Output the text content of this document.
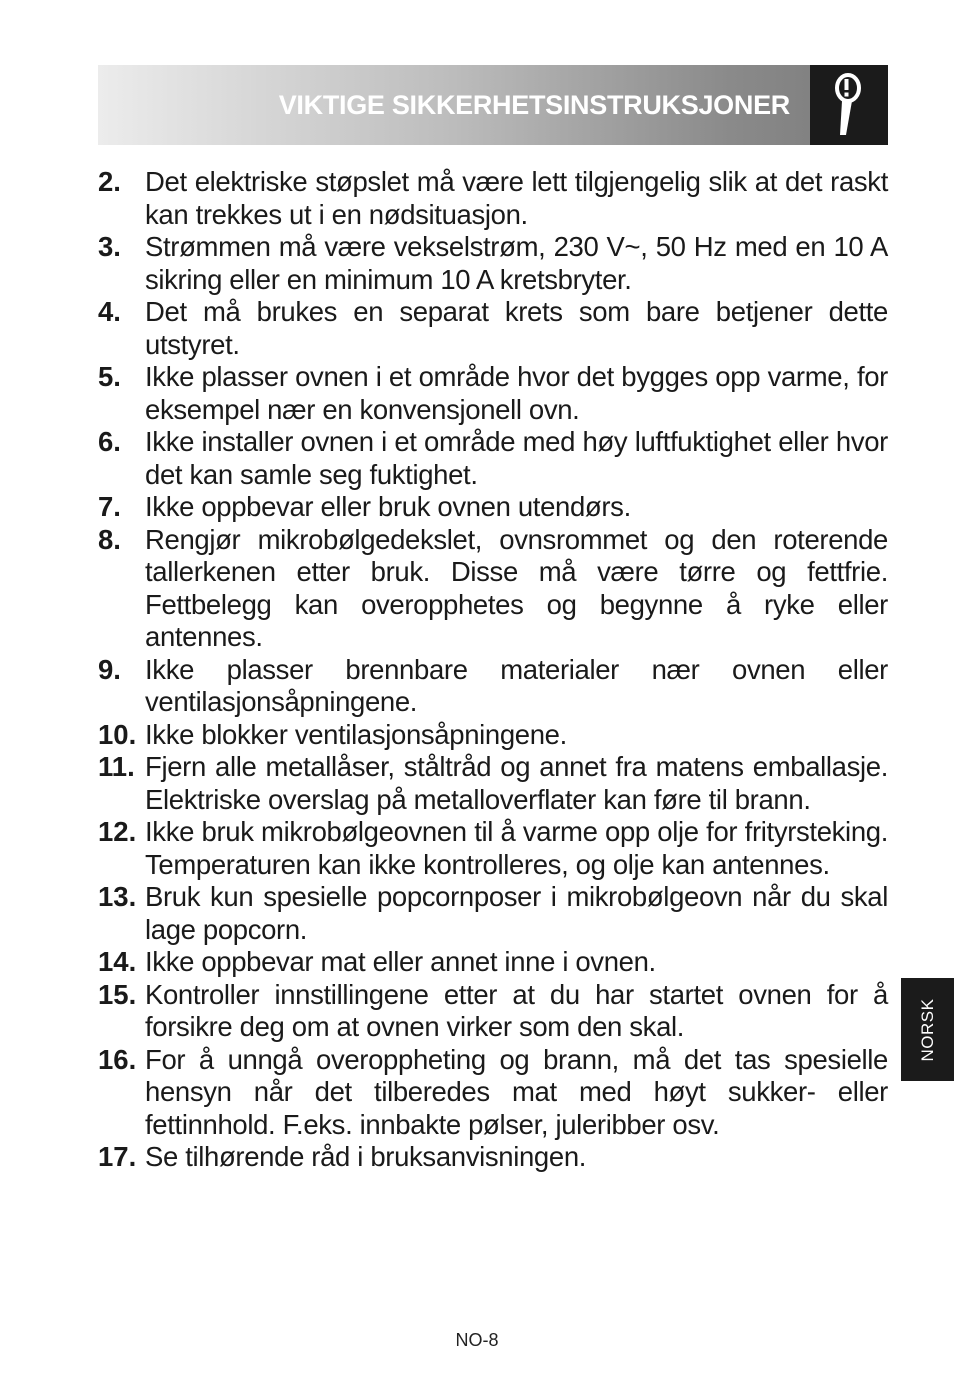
VIKTIGE SIKKERHETSINSTRUKSJONER
2. Det elektriske støpslet må være lett tilgjengelig slik at det raskt kan trekkes ut i en nødsituasjon.
3. Strømmen må være vekselstrøm, 230 V~, 50 Hz med en 10 A sikring eller en minimum 10 A kretsbryter.
4. Det må brukes en separat krets som bare betjener dette utstyret.
5. Ikke plasser ovnen i et område hvor det bygges opp varme, for eksempel nær en konvensjonell ovn.
6. Ikke installer ovnen i et område med høy luftfuktighet eller hvor det kan samle seg fuktighet.
7. Ikke oppbevar eller bruk ovnen utendørs.
8. Rengjør mikrobølgedekslet, ovnsrommet og den roterende tallerkenen etter bruk. Disse må være tørre og fettfrie. Fettbelegg kan overopphetes og begynne å ryke eller antennes.
9. Ikke plasser brennbare materialer nær ovnen eller ventilasjonsåpningene.
10. Ikke blokker ventilasjonsåpningene.
11. Fjern alle metallåser, ståltråd og annet fra matens emballasje. Elektriske overslag på metalloverflater kan føre til brann.
12. Ikke bruk mikrobølgeovnen til å varme opp olje for frityrsteking. Temperaturen kan ikke kontrolleres, og olje kan antennes.
13. Bruk kun spesielle popcornposer i mikrobølgeovn når du skal lage popcorn.
14. Ikke oppbevar mat eller annet inne i ovnen.
15. Kontroller innstillingene etter at du har startet ovnen for å forsikre deg om at ovnen virker som den skal.
16. For å unngå overoppheting og brann, må det tas spesielle hensyn når det tilberedes mat med høyt sukker- eller fettinnhold. F.eks. innbakte pølser, juleribber osv.
17. Se tilhørende råd i bruksanvisningen.
NORSK
NO-8
